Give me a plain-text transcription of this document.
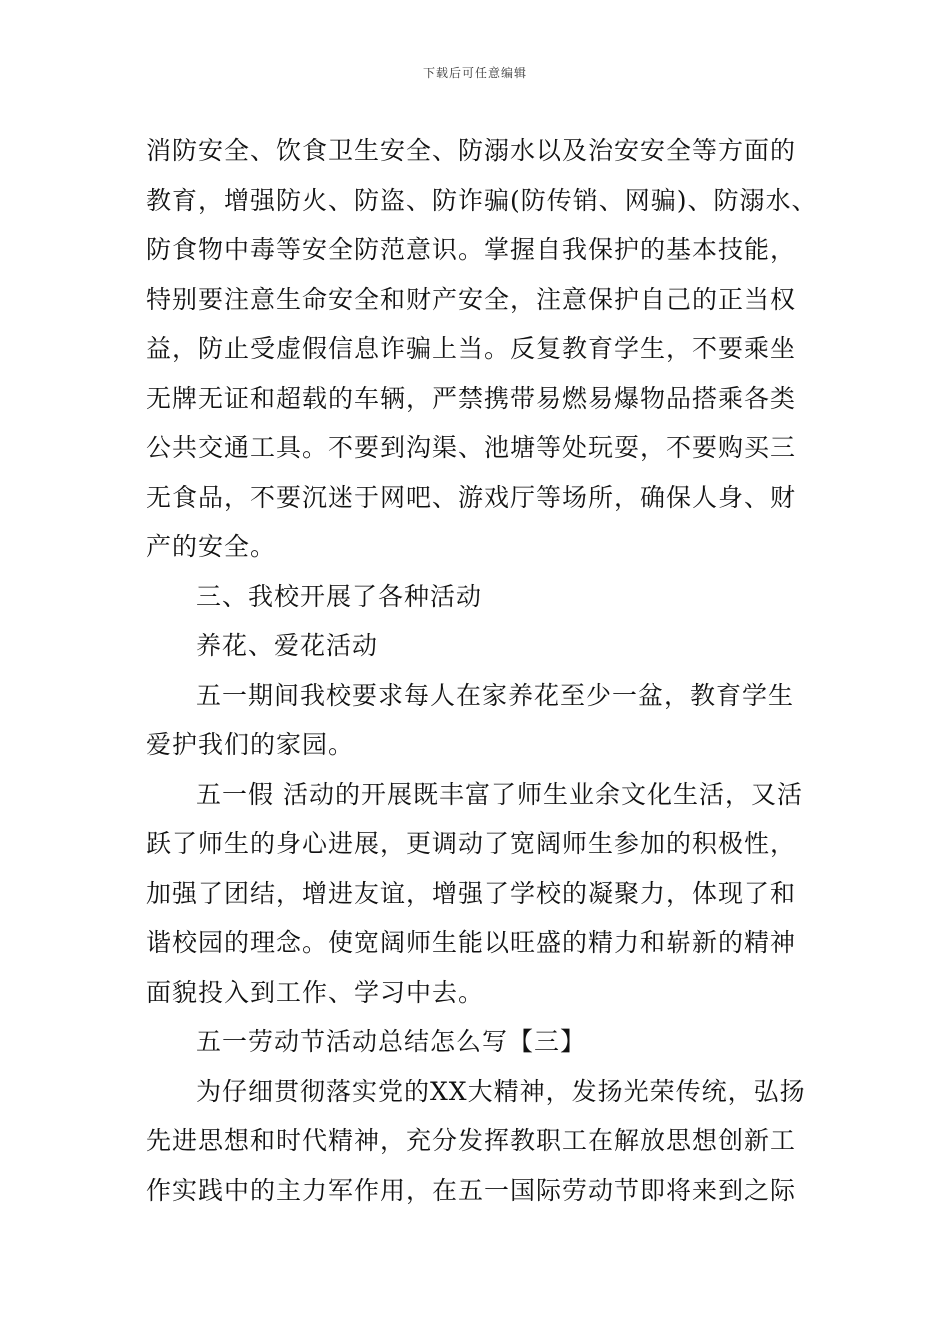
下载后可任意编辑
消防安全、饮食卫生安全、防溺水以及治安安全等方面的
教育，增强防火、防盗、防诈骗(防传销、网骗)、防溺水、
防食物中毒等安全防范意识。掌握自我保护的基本技能，
特别要注意生命安全和财产安全，注意保护自己的正当权
益，防止受虚假信息诈骗上当。反复教育学生，不要乘坐
无牌无证和超载的车辆，严禁携带易燃易爆物品搭乘各类
公共交通工具。不要到沟渠、池塘等处玩耍，不要购买三
无食品，不要沉迷于网吧、游戏厅等场所，确保人身、财
产的安全。
三、我校开展了各种活动
养花、爱花活动
五一期间我校要求每人在家养花至少一盆，教育学生
爱护我们的家园。
五一假 活动的开展既丰富了师生业余文化生活，又活
跃了师生的身心进展，更调动了宽阔师生参加的积极性，
加强了团结，增进友谊，增强了学校的凝聚力，体现了和
谐校园的理念。使宽阔师生能以旺盛的精力和崭新的精神
面貌投入到工作、学习中去。
五一劳动节活动总结怎么写【三】
为仔细贯彻落实党的XX大精神，发扬光荣传统，弘扬
先进思想和时代精神，充分发挥教职工在解放思想创新工
作实践中的主力军作用，在五一国际劳动节即将来到之际
